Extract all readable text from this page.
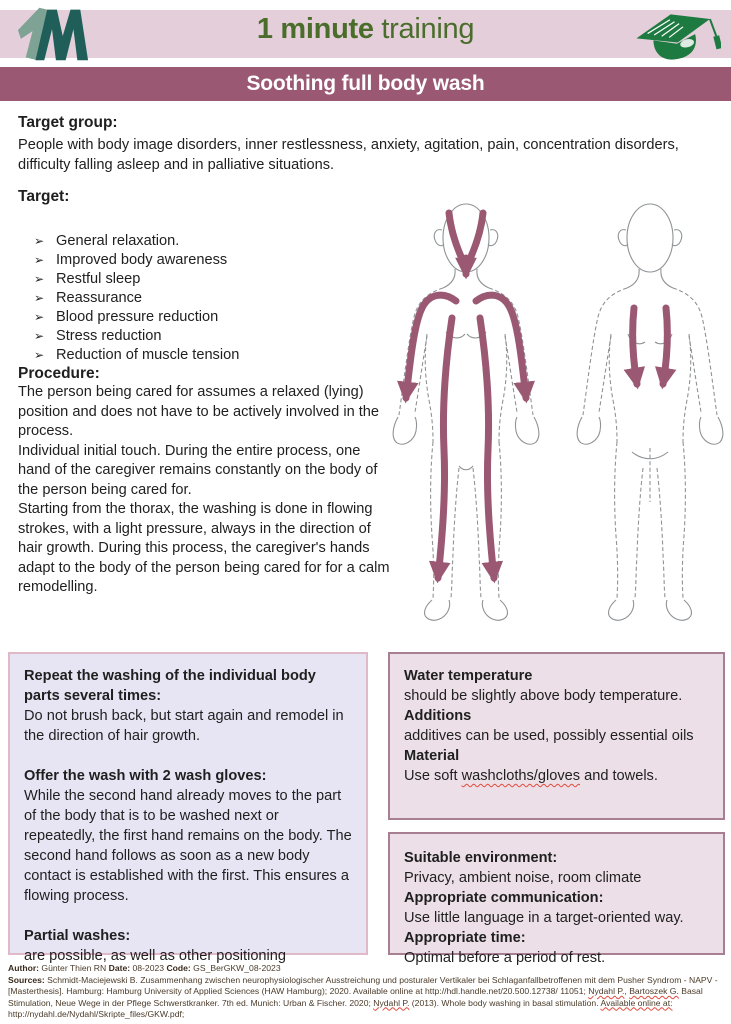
1 minute training
Soothing full body wash

Target group:

People with body image disorders, inner restlessness, anxiety, agitation, pain, concentration disorders, difficulty falling asleep and in palliative situations.

Target:

➢ General relaxation.
➢ Improved body awareness
➢ Restful sleep
➢ Reassurance
➢ Blood pressure reduction
➢ Stress reduction
➢ Reduction of muscle tension

Procedure:

The person being cared for assumes a relaxed (lying) position and does not have to be actively involved in the process.

Individual initial touch. During the entire process, one hand of the caregiver remains constantly on the body of the person being cared for.

Starting from the thorax, the washing is done in flowing strokes, with a light pressure, always in the direction of hair growth. During this process, the caregiver's hands adapt to the body of the person being cared for for a calm remodelling.

Repeat the washing of the individual body parts several times:

Do not brush back, but start again and remodel in the direction of hair growth.

Offer the wash with 2 wash gloves:

While the second hand already moves to the part of the body that is to be washed next or repeatedly, the first hand remains on the body. The second hand follows as soon as a new body contact is established with the first. This ensures a flowing process.

Partial washes:

are possible, as well as other positioning

Water temperature

should be slightly above body temperature.

Additions

additives can be used, possibly essential oils

Material

Use soft washcloths/gloves and towels.

Suitable environment:

Privacy, ambient noise, room climate

Appropriate communication:

Use little language in a target-oriented way.

Appropriate time:

Optimal before a period of rest.

Author: Günter Thien RN Date: 08-2023 Code: GS_BerGKW_08-2023
Sources: Schmidt-Maciejewski B. Zusammenhang zwischen neurophysiologischer Ausstreichung und posturaler Vertikaler bei Schlaganfallbetroffenen mit dem Pusher Syndrom - NAPV - [Masterthesis]. Hamburg: Hamburg University of Applied Sciences (HAW Hamburg); 2020. Available online at http://hdl.handle.net/20.500.12738/ 11051; Nydahl P., Bartoszek G. Basal Stimulation, Neue Wege in der Pflege Schwerstkranker. 7th ed. Munich: Urban & Fischer. 2020; Nydahl P. (2013). Whole body washing in basal stimulation. Available online at: http://nydahl.de/Nydahl/Skripte_files/GKW.pdf;
